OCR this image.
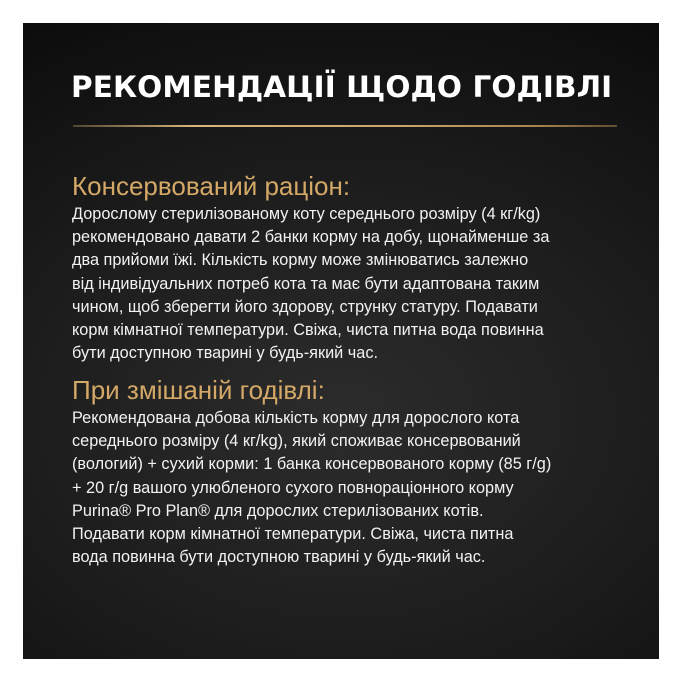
РЕКОМЕНДАЦІЇ ЩОДО ГОДІВЛІ
Консервований раціон:
Дорослому стерилізованому коту середнього розміру (4 кг/kg)
рекомендовано давати 2 банки корму на добу, щонайменше за
два прийоми їжі. Кількість корму може змінюватись залежно
від індивідуальних потреб кота та має бути адаптована таким
чином, щоб зберегти його здорову, струнку статуру. Подавати
корм кімнатної температури. Свіжа, чиста питна вода повинна
бути доступною тварині у будь-який час.
При змішаній годівлі:
Рекомендована добова кількість корму для дорослого кота
середнього розміру (4 кг/kg), який споживає консервований
(вологий) + сухий корми: 1 банка консервованого корму (85 г/g)
+ 20 г/g вашого улюбленого сухого повнораціонного корму
Purina® Pro Plan® для дорослих стерилізованих котів.
Подавати корм кімнатної температури. Свіжа, чиста питна
вода повинна бути доступною тварині у будь-який час.
